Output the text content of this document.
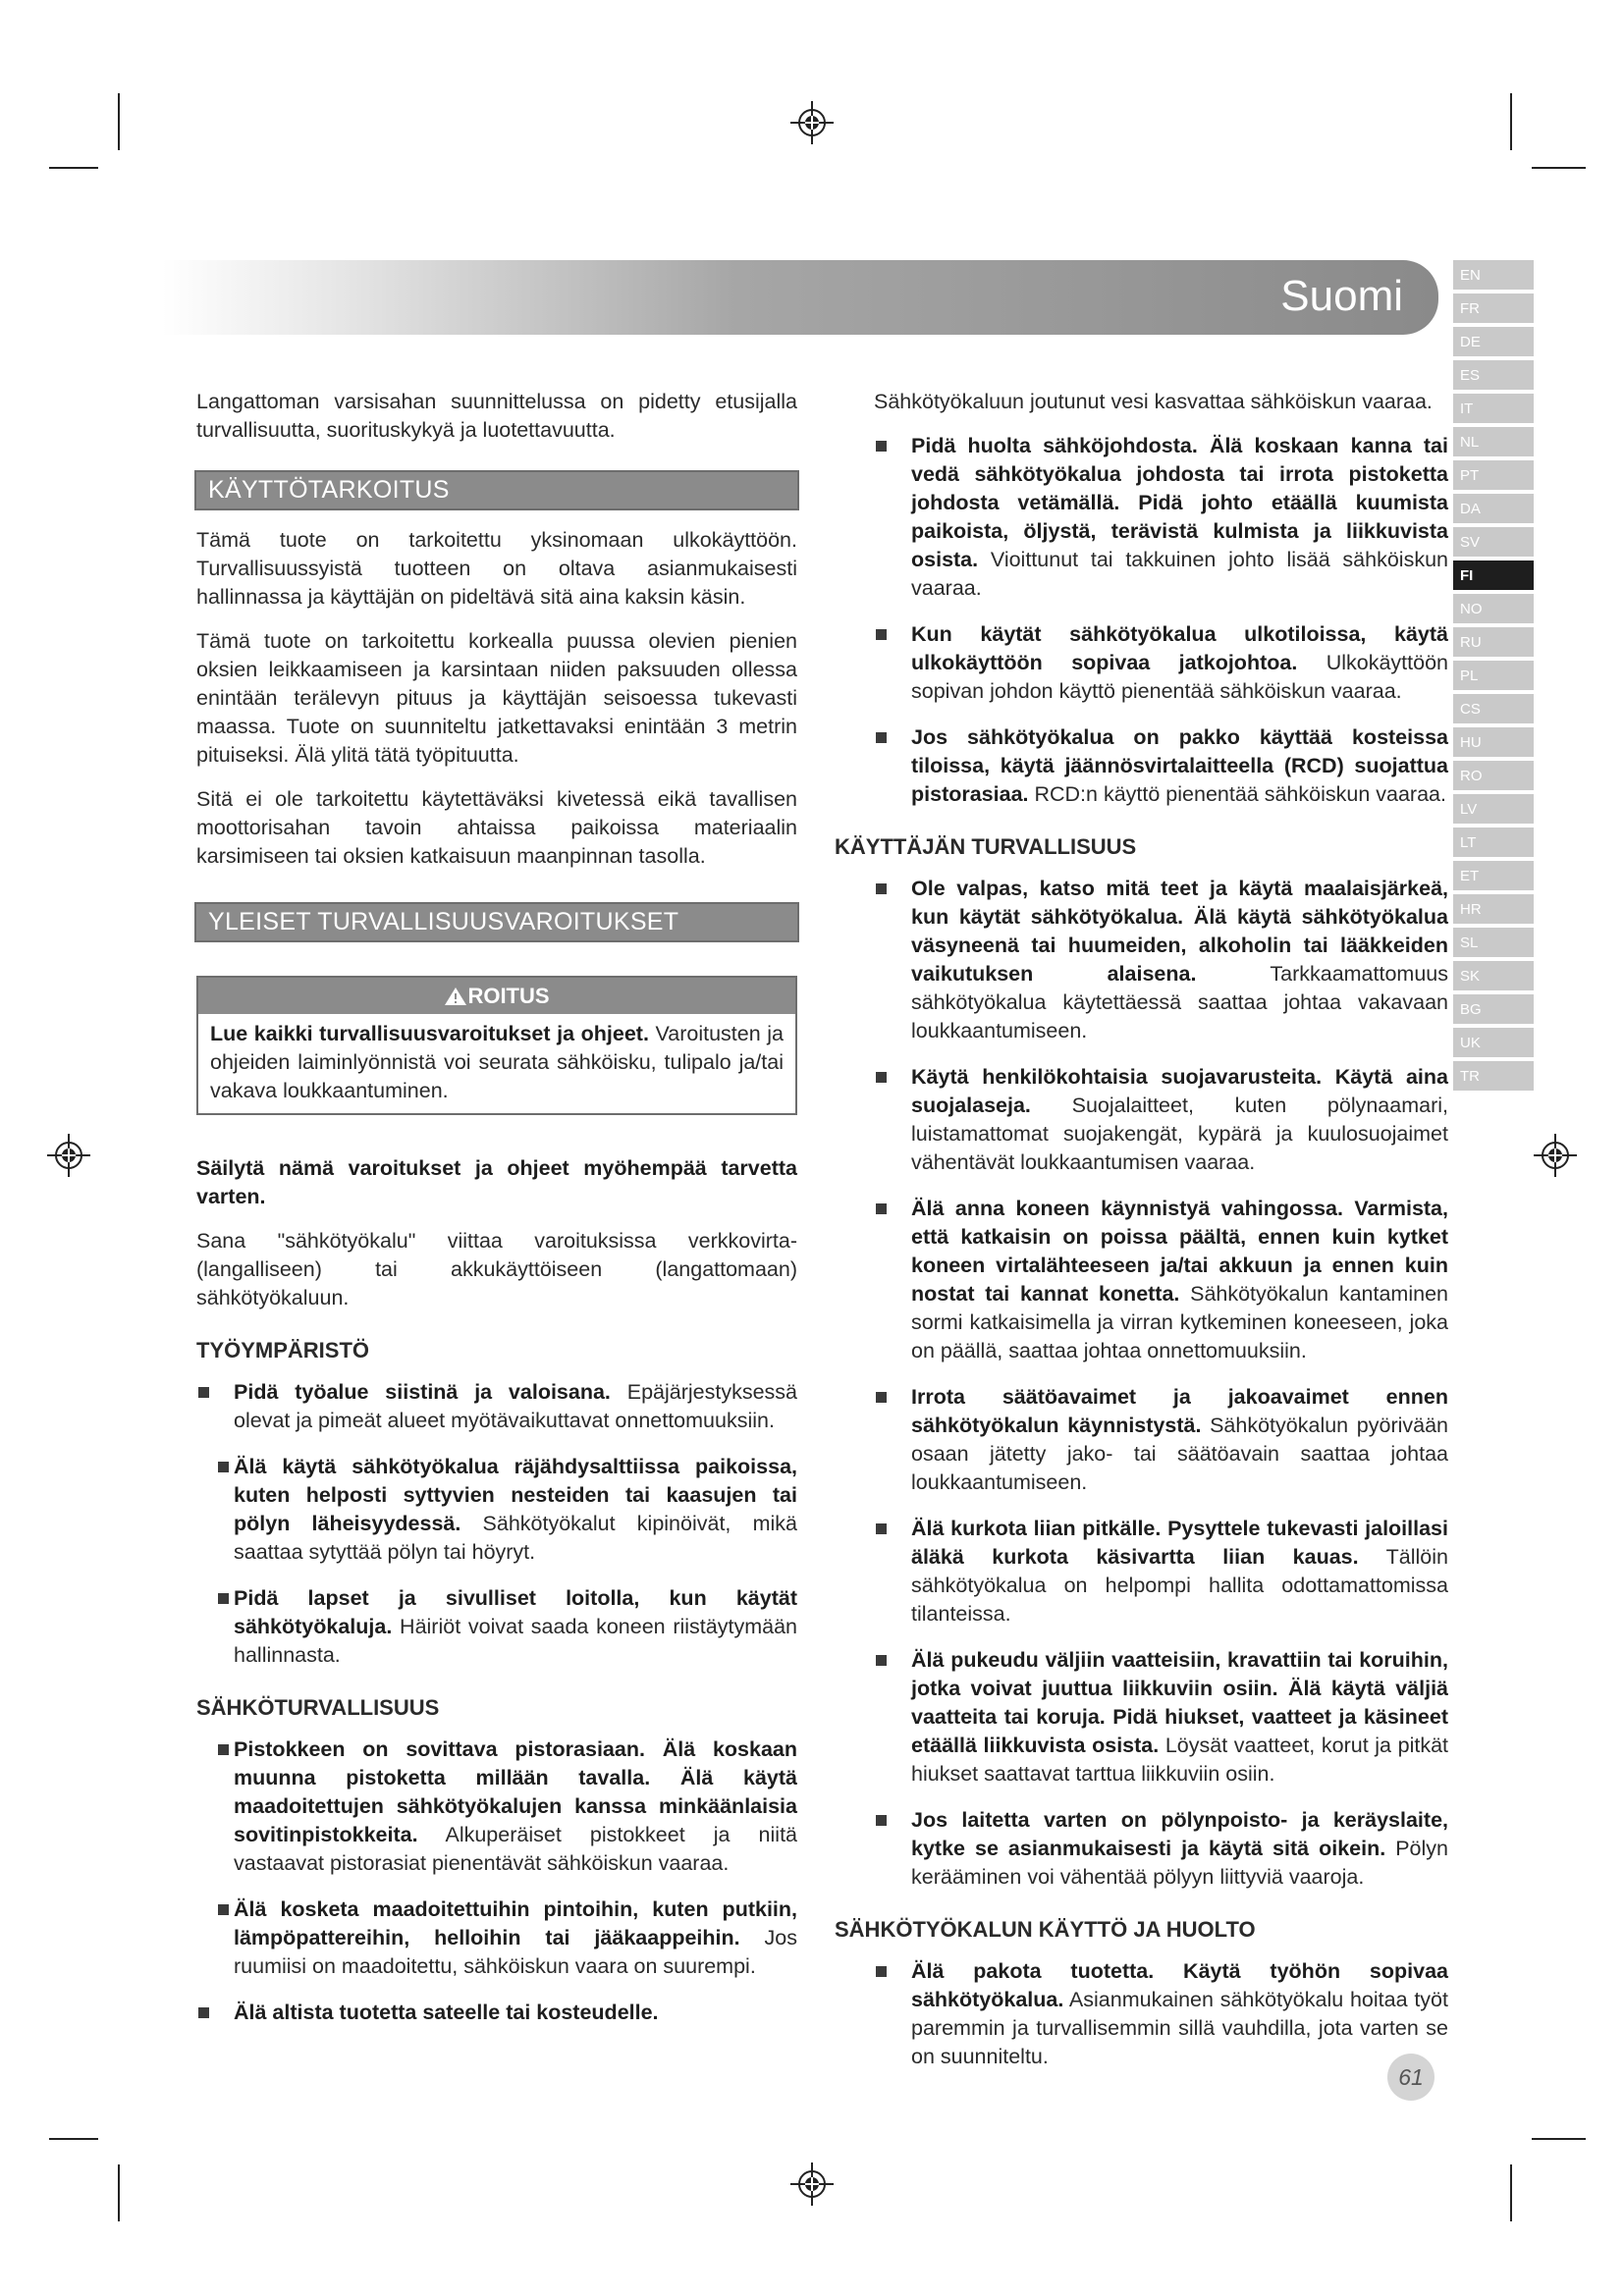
Suomi	EN
FR
DE
ES
IT
NL
PT
DA
SV
FI
NO
RU
PL
CS
HU
RO
LV
LT
ET
HR
SL
SK
BG
UK
TR

Langattoman varsisahan suunnittelussa on pidetty etusijalla turvallisuutta, suorituskykyä ja luotettavuutta.

KÄYTTÖTARKOITUS

Tämä tuote on tarkoitettu yksinomaan ulkokäyttöön. Turvallisuussyistä tuotteen on oltava asianmukaisesti hallinnassa ja käyttäjän on pideltävä sitä aina kaksin käsin.

Tämä tuote on tarkoitettu korkealla puussa olevien pienien oksien leikkaamiseen ja karsintaan niiden paksuuden ollessa enintään terälevyn pituus ja käyttäjän seisoessa tukevasti maassa. Tuote on suunniteltu jatkettavaksi enintään 3 metrin pituiseksi. Älä ylitä tätä työpituutta.

Sitä ei ole tarkoitettu käytettäväksi kivetessä eikä tavallisen moottorisahan tavoin ahtaissa paikoissa materiaalin karsimiseen tai oksien katkaisuun maanpinnan tasolla.

YLEISET TURVALLISUUSVAROITUKSET
ROITUS
Lue kaikki turvallisuusvaroitukset ja ohjeet. Varoitusten ja ohjeiden laiminlyönnistä voi seurata sähköisku, tulipalo ja/tai vakava loukkaantuminen.

Säilytä nämä varoitukset ja ohjeet myöhempää tarvetta varten.

Sana "sähkötyökalu" viittaa varoituksissa verkkovirta-(langalliseen) tai akkukäyttöiseen (langattomaan) sähkötyökaluun.

TYÖYMPÄRISTÖ
Pidä työalue siistinä ja valoisana. Epäjärjestyksessä olevat ja pimeät alueet myötävaikuttavat onnettomuuksiin.
Älä käytä sähkötyökalua räjähdysalttiissa paikoissa, kuten helposti syttyvien nesteiden tai kaasujen tai pölyn läheisyydessä. Sähkötyökalut kipinöivät, mikä saattaa sytyttää pölyn tai höyryt.
Pidä lapset ja sivulliset loitolla, kun käytät sähkötyökaluja. Häiriöt voivat saada koneen riistäytymään hallinnasta.
SÄHKÖTURVALLISUUS
Pistokkeen on sovittava pistorasiaan. Älä koskaan muunna pistoketta millään tavalla. Älä käytä maadoitettujen sähkötyökalujen kanssa minkäänlaisia sovitinpistokkeita. Alkuperäiset pistokkeet ja niitä vastaavat pistorasiat pienentävät sähköiskun vaaraa.
Älä kosketa maadoitettuihin pintoihin, kuten putkiin, lämpöpattereihin, helloihin tai jääkaappeihin. Jos ruumiisi on maadoitettu, sähköiskun vaara on suurempi.
Älä altista tuotetta sateelle tai kosteudelle.

Sähkötyökaluun joutunut vesi kasvattaa sähköiskun vaaraa.

Pidä huolta sähköjohdosta. Älä koskaan kanna tai vedä sähkötyökalua johdosta tai irrota pistoketta johdosta vetämällä. Pidä johto etäällä kuumista paikoista, öljystä, terävistä kulmista ja liikkuvista osista. Vioittunut tai takkuinen johto lisää sähköiskun vaaraa.
Kun käytät sähkötyökalua ulkotiloissa, käytä ulkokäyttöön sopivaa jatkojohtoa. Ulkokäyttöön sopivan johdon käyttö pienentää sähköiskun vaaraa.
Jos sähkötyökalua on pakko käyttää kosteissa tiloissa, käytä jäännösvirtalaitteella (RCD) suojattua pistorasiaa. RCD:n käyttö pienentää sähköiskun vaaraa.
KÄYTTÄJÄN TURVALLISUUS
Ole valpas, katso mitä teet ja käytä maalaisjärkeä, kun käytät sähkötyökalua. Älä käytä sähkötyökalua väsyneenä tai huumeiden, alkoholin tai lääkkeiden vaikutuksen alaisena. Tarkkaamattomuus sähkötyökalua käytettäessä saattaa johtaa vakavaan loukkaantumiseen.
Käytä henkilökohtaisia suojavarusteita. Käytä aina suojalaseja. Suojalaitteet, kuten pölynaamari, luistamattomat suojakengät, kypärä ja kuulosuojaimet vähentävät loukkaantumisen vaaraa.
Älä anna koneen käynnistyä vahingossa. Varmista, että katkaisin on poissa päältä, ennen kuin kytket koneen virtalähteeseen ja/tai akkuun ja ennen kuin nostat tai kannat konetta. Sähkötyökalun kantaminen sormi katkaisimella ja virran kytkeminen koneeseen, joka on päällä, saattaa johtaa onnettomuuksiin.
Irrota säätöavaimet ja jakoavaimet ennen sähkötyökalun käynnistystä. Sähkötyökalun pyörivään osaan jätetty jako- tai säätöavain saattaa johtaa loukkaantumiseen.
Älä kurkota liian pitkälle. Pysyttele tukevasti jaloillasi äläkä kurkota käsivartta liian kauas. Tällöin sähkötyökalua on helpompi hallita odottamattomissa tilanteissa.
Älä pukeudu väljiin vaatteisiin, kravattiin tai koruihin, jotka voivat juuttua liikkuviin osiin. Älä käytä väljiä vaatteita tai koruja. Pidä hiukset, vaatteet ja käsineet etäällä liikkuvista osista. Löysät vaatteet, korut ja pitkät hiukset saattavat tarttua liikkuviin osiin.
Jos laitetta varten on pölynpoisto- ja keräyslaite, kytke se asianmukaisesti ja käytä sitä oikein. Pölyn kerääminen voi vähentää pölyyn liittyviä vaaroja.
SÄHKÖTYÖKALUN KÄYTTÖ JA HUOLTO
Älä pakota tuotetta. Käytä työhön sopivaa sähkötyökalua. Asianmukainen sähkötyökalu hoitaa työt paremmin ja turvallisemmin sillä vauhdilla, jota varten se on suunniteltu.
61
